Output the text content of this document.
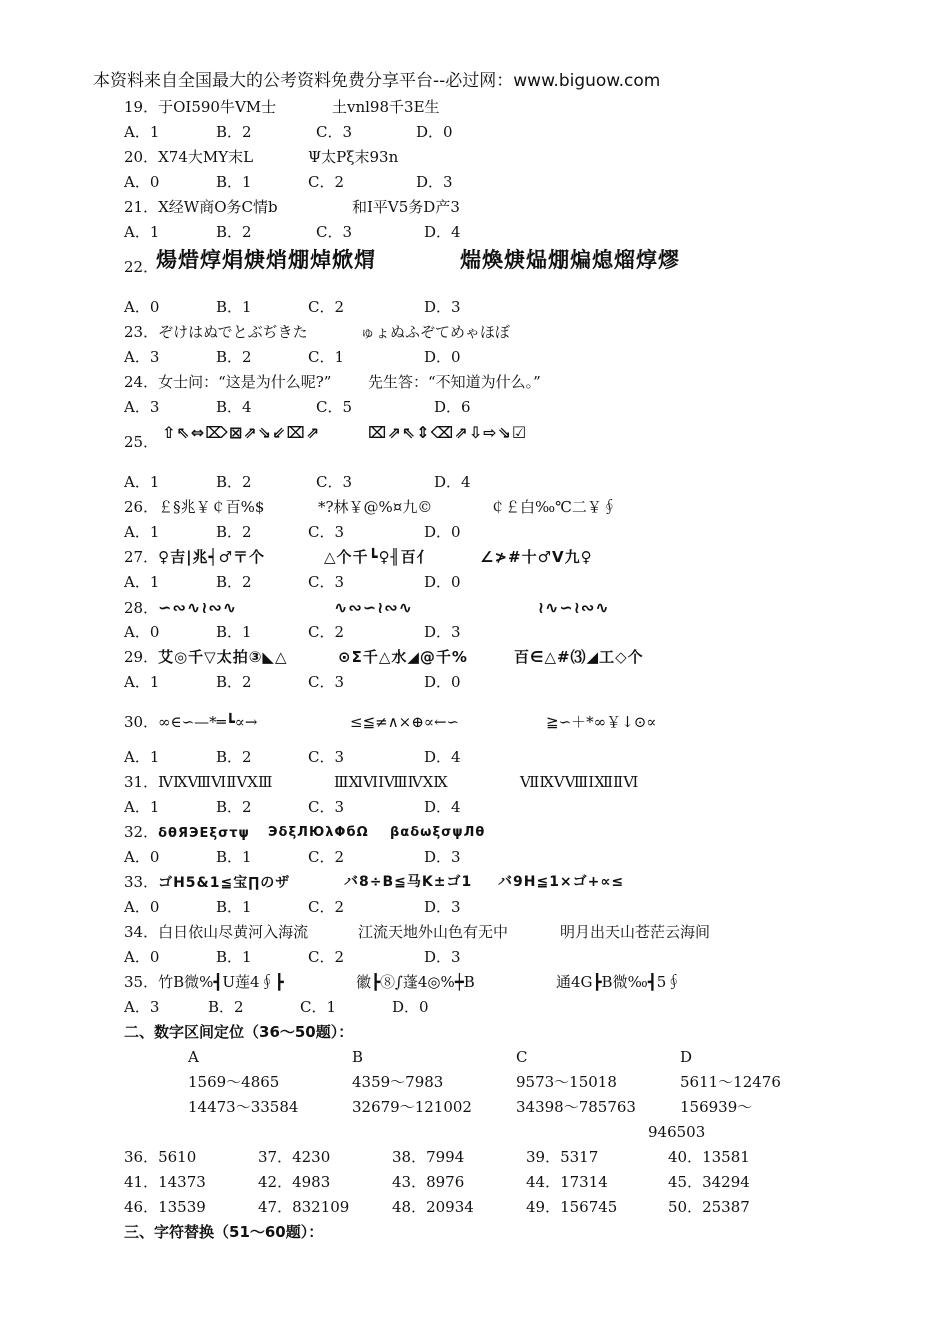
本资料来自全国最大的公考资料免费分享平台--必过网：www.biguow.com
19．于OI590牛VM士	土vnl98千3E生
A．1	B．2	C．3	D．0
20．X74大MY末L	Ψ太Pξ末93n
A．0	B．1	C．2	D．3
21．X经W商O务C情b	和I平V5务D产3
A．1	B．2	C．3	D．4
22．
煬焟焞焆焿焇焩焯焮焨	煓煥焿煰焩煸熄熘焞熮
A．0	B．1	C．2	D．3
23．ぞけはぬでとぶぢきた	ゅょぬふぞてめゃほぼ
A．3	B．2	C．1	D．0
24．女士问：“这是为什么呢?” 先生答：“不知道为什么。”
A．3	B．4	C．5	D．6
25． ⇧⇖⇔⌦⊠⇗⇘⇙⌧⇗	⌧⇗⇖⇕⌫⇗⇩⇨⇘☑
A．1	B．2	C．3	D．4
26．￡§兆￥￠百%$	*?林￥@%¤九©	￠￡白‰℃二￥∮
A．1	B．2	C．3	D．0
27．♀吉|兆┥♂〒个	△个千┗♀╢百亻	∠≯#十♂V九♀
A．1	B．2	C．3	D．0
28．∽∾∿≀∾∿	∿∾∽≀∾∿	≀∿∽≀∾∿
A．0	B．1	C．2	D．3
29．艾◎千▽太拍③◣△	⊙Σ千△水◢@千%	百∈△#⑶◢工◇个
A．1	B．2	C．3	D．0
30． ∞∈∽—*═┗∝→	≤≦≠∧×⊕∝←∽	≧∽＋*∞￥↓⊙∝
A．1	B．2	C．3	D．4
31．ⅣⅨⅧⅥⅡⅤⅩⅢ	ⅢⅪⅥⅠⅧⅣⅩⅨ	ⅦⅨⅤⅧⅠⅫⅡⅥ
A．1	B．2	C．3	D．4
32．δθЯЭΕξστψ ЭδξЛЮλΦбΩ βαδωξσψЛθ
A．0	B．1	C．2	D．3
33．ゴH5&1≦宝∏のザ	バ8÷B≦马K±ゴ1 バ9H≦1×ゴ+∝≤
A．0	B．1	C．2	D．3
34．白日依山尽黄河入海流	江流天地外山色有无中	明月出天山苍茫云海间
A．0	B．1	C．2	D．3
35．竹B微%┫U莲4∮┣	徽┣⑧∫蓬4◎%┿B	通4G┣B微‰┫5∮
A．3	B．2	C．1	D．0
二、数字区间定位（36～50题）：
A	B	C	D
1569～4865	4359～7983	9573～15018	5611～12476
14473～33584	32679～121002	34398～785763	156939～
946503
36．5610	37．4230	38．7994	39．5317	40．13581
41．14373	42．4983	43．8976	44．17314	45．34294
46．13539	47．832109	48．20934	49．156745	50．25387
三、字符替换（51～60题）：
